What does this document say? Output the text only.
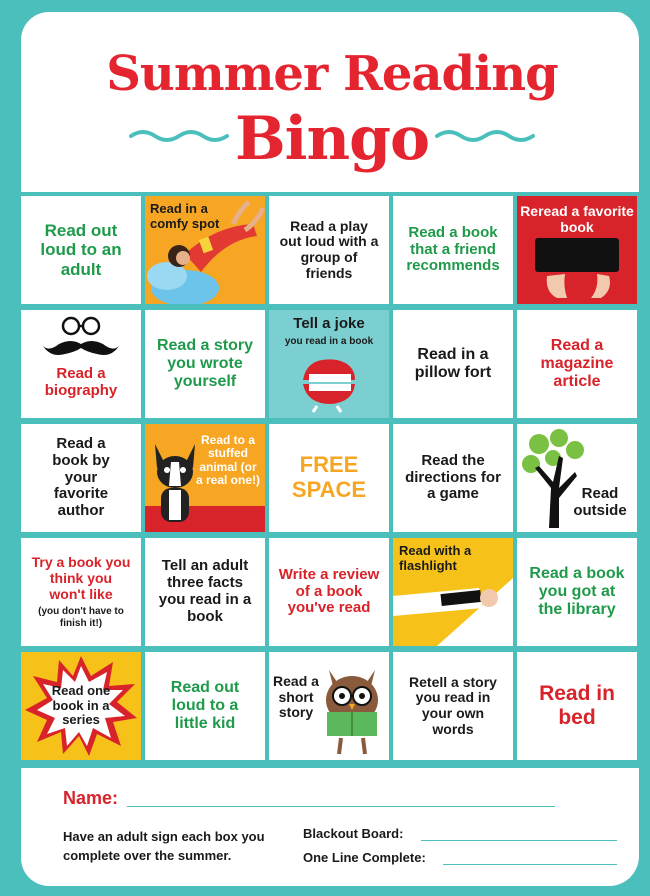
Summer Reading
Bingo
Read out loud to an adult
Read in a comfy spot	Read a play out loud with a group of friends
Read a book that a friend recommends
Reread a favorite book
Read a biography
Read a story you wrote yourself
Tell a joke
you read in a book
Read in a pillow fort
Read a magazine article
Read a book by your favorite author
Read to a stuffed animal (or a real one!)
FREE SPACE
Read the directions for a game	Read outside
Try a book you think you won't like
(you don't have to finish it!)
Tell an adult three facts you read in a book
Write a review of a book you've read
Read with a flashlight
Read a book you got at the library
Read one book in a series
Read out loud to a little kid
Read a short story
Retell a story you read in your own words
Read in bed
Name:
Have an adult sign each box you complete over the summer.
Blackout Board:
One Line Complete:
